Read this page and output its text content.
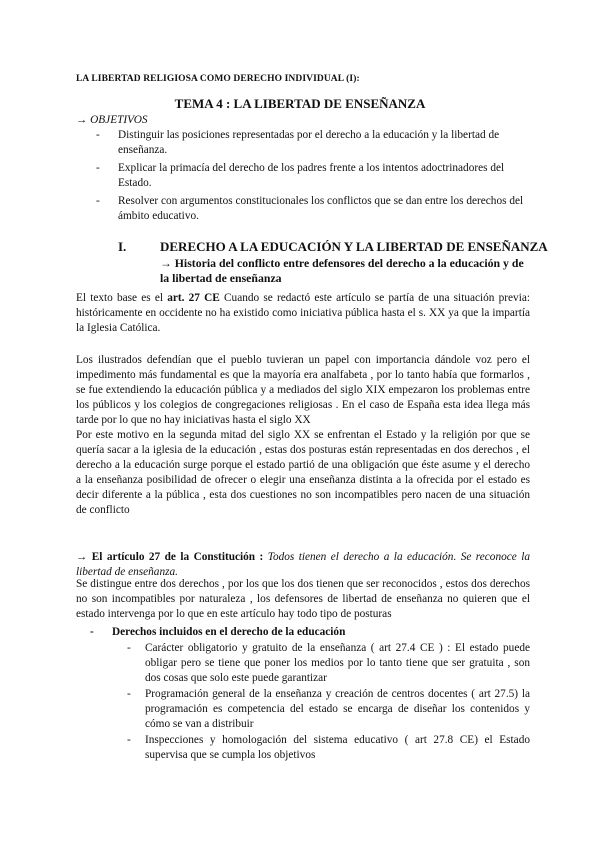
LA LIBERTAD RELIGIOSA COMO DERECHO INDIVIDUAL (I):
TEMA 4 : LA LIBERTAD DE ENSEÑANZA
→ OBJETIVOS
- Distinguir las posiciones representadas por el derecho a la educación y la libertad de enseñanza.
- Explicar la primacía del derecho de los padres frente a los intentos adoctrinadores del Estado.
- Resolver con argumentos constitucionales los conflictos que se dan entre los derechos del ámbito educativo.
I.	DERECHO A LA EDUCACIÓN Y LA LIBERTAD DE ENSEÑANZA
→ Historia del conflicto entre defensores del derecho a la educación y de la libertad de enseñanza
El texto base es el art. 27 CE Cuando se redactó este artículo se partía de una situación previa: históricamente en occidente no ha existido como iniciativa pública hasta el s. XX ya que la impartía la Iglesia Católica.
Los ilustrados defendían que el pueblo tuvieran un papel con importancia dándole voz pero el impedimento más fundamental es que la mayoría era analfabeta , por lo tanto había que formarlos , se fue extendiendo la educación pública y a mediados del siglo XIX empezaron los problemas entre los públicos y los colegios de congregaciones religiosas . En el caso de España esta idea llega más tarde por lo que no hay iniciativas hasta el siglo XX
Por este motivo en la segunda mitad del siglo XX se enfrentan el Estado y la religión por que se quería sacar a la iglesia de la educación , estas dos posturas están representadas en dos derechos , el derecho a la educación surge porque el estado partió de una obligación que éste asume y el derecho a la enseñanza posibilidad de ofrecer o elegir una enseñanza distinta a la ofrecida por el estado es decir diferente a la pública , esta dos cuestiones no son incompatibles pero nacen de una situación de conflicto
→ El artículo 27 de la Constitución : Todos tienen el derecho a la educación. Se reconoce la libertad de enseñanza.
Se distingue entre dos derechos , por los que los dos tienen que ser reconocidos , estos dos derechos no son incompatibles por naturaleza , los defensores de libertad de enseñanza no quieren que el estado intervenga por lo que en este artículo hay todo tipo de posturas
- Derechos incluidos en el derecho de la educación
- Carácter obligatorio y gratuito de la enseñanza ( art 27.4 CE ) : El estado puede obligar pero se tiene que poner los medios por lo tanto tiene que ser gratuita , son dos cosas que solo este puede garantizar
- Programación general de la enseñanza y creación de centros docentes ( art 27.5) la programación es competencia del estado se encarga de diseñar los contenidos y cómo se van a distribuir
- Inspecciones y homologación del sistema educativo ( art 27.8 CE) el Estado supervisa que se cumpla los objetivos
